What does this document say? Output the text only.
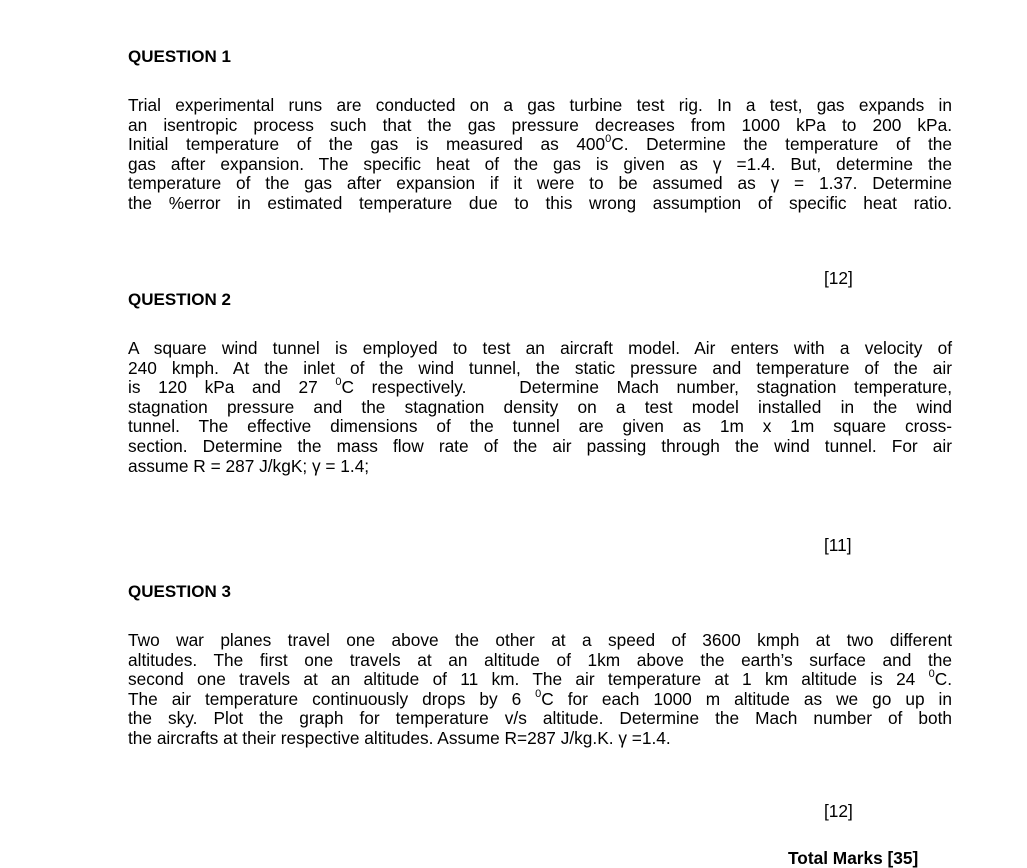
QUESTION 1

Trial experimental runs are conducted on a gas turbine test rig. In a test, gas expands in
an isentropic process such that the gas pressure decreases from 1000 kPa to 200 kPa.
Initial temperature of the gas is measured as $400^0C$. Determine the temperature of the
gas after expansion. The specific heat of the gas is given as γ =1.4. But, determine the
temperature of the gas after expansion if it were to be assumed as γ = 1.37. Determine
the %error in estimated temperature due to this wrong assumption of specific heat ratio.

[12]

QUESTION 2

A square wind tunnel is employed to test an aircraft model. Air enters with a velocity of
240 kmph. At the inlet of the wind tunnel, the static pressure and temperature of the air
is 120 kPa and 27 $^0$C respectively.   Determine Mach number, stagnation temperature,
stagnation pressure and the stagnation density on a test model installed in the wind
tunnel. The effective dimensions of the tunnel are given as 1m x 1m square cross-
section. Determine the mass flow rate of the air passing through the wind tunnel. For air
assume R = 287 J/kgK; γ = 1.4;

[11]

QUESTION 3

Two war planes travel one above the other at a speed of 3600 kmph at two different
altitudes. The first one travels at an altitude of 1km above the earth’s surface and the
second one travels at an altitude of 11 km. The air temperature at 1 km altitude is 24 $^0$C.
The air temperature continuously drops by 6 $^0$C for each 1000 m altitude as we go up in
the sky. Plot the graph for temperature v/s altitude. Determine the Mach number of both
the aircrafts at their respective altitudes. Assume R=287 J/kg.K. γ =1.4.

[12]

Total Marks [35]
